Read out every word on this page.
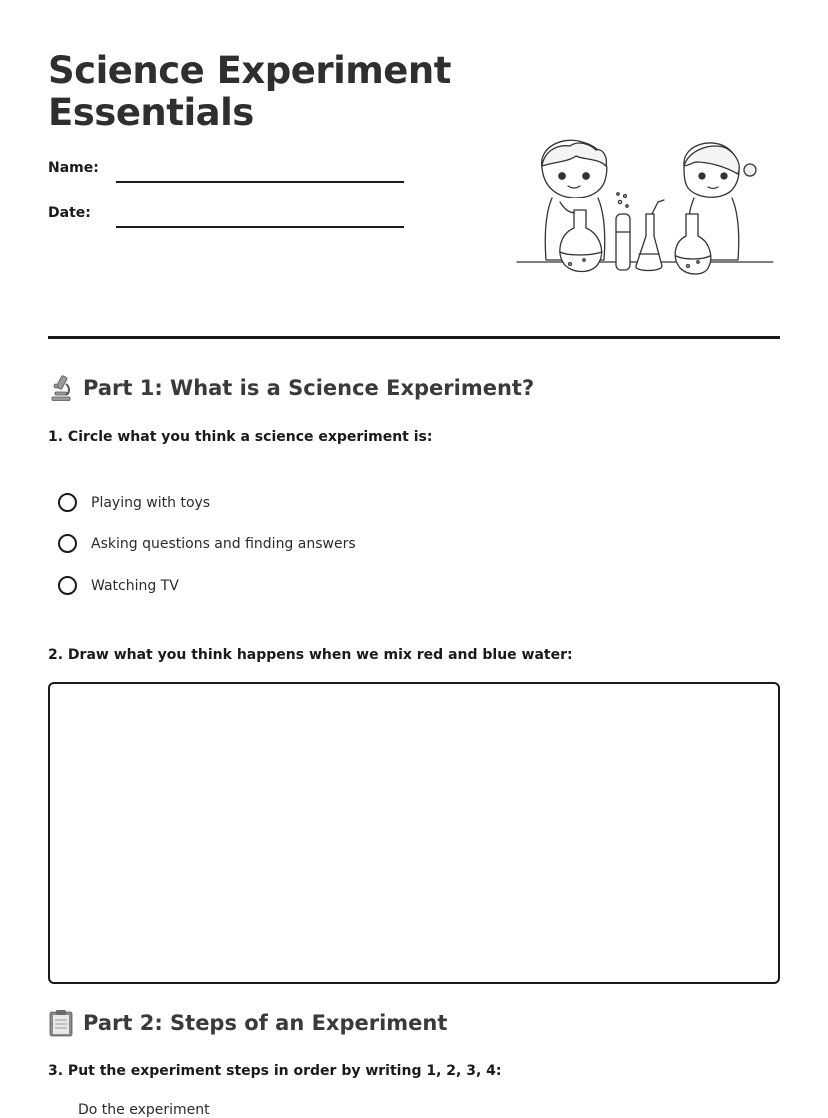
Science Experiment
Essentials
Name:
Date:
Part 1: What is a Science Experiment?
1. Circle what you think a science experiment is:
Playing with toys
Asking questions and finding answers
Watching TV
2. Draw what you think happens when we mix red and blue water:
Part 2: Steps of an Experiment
3. Put the experiment steps in order by writing 1, 2, 3, 4:
Do the experiment
